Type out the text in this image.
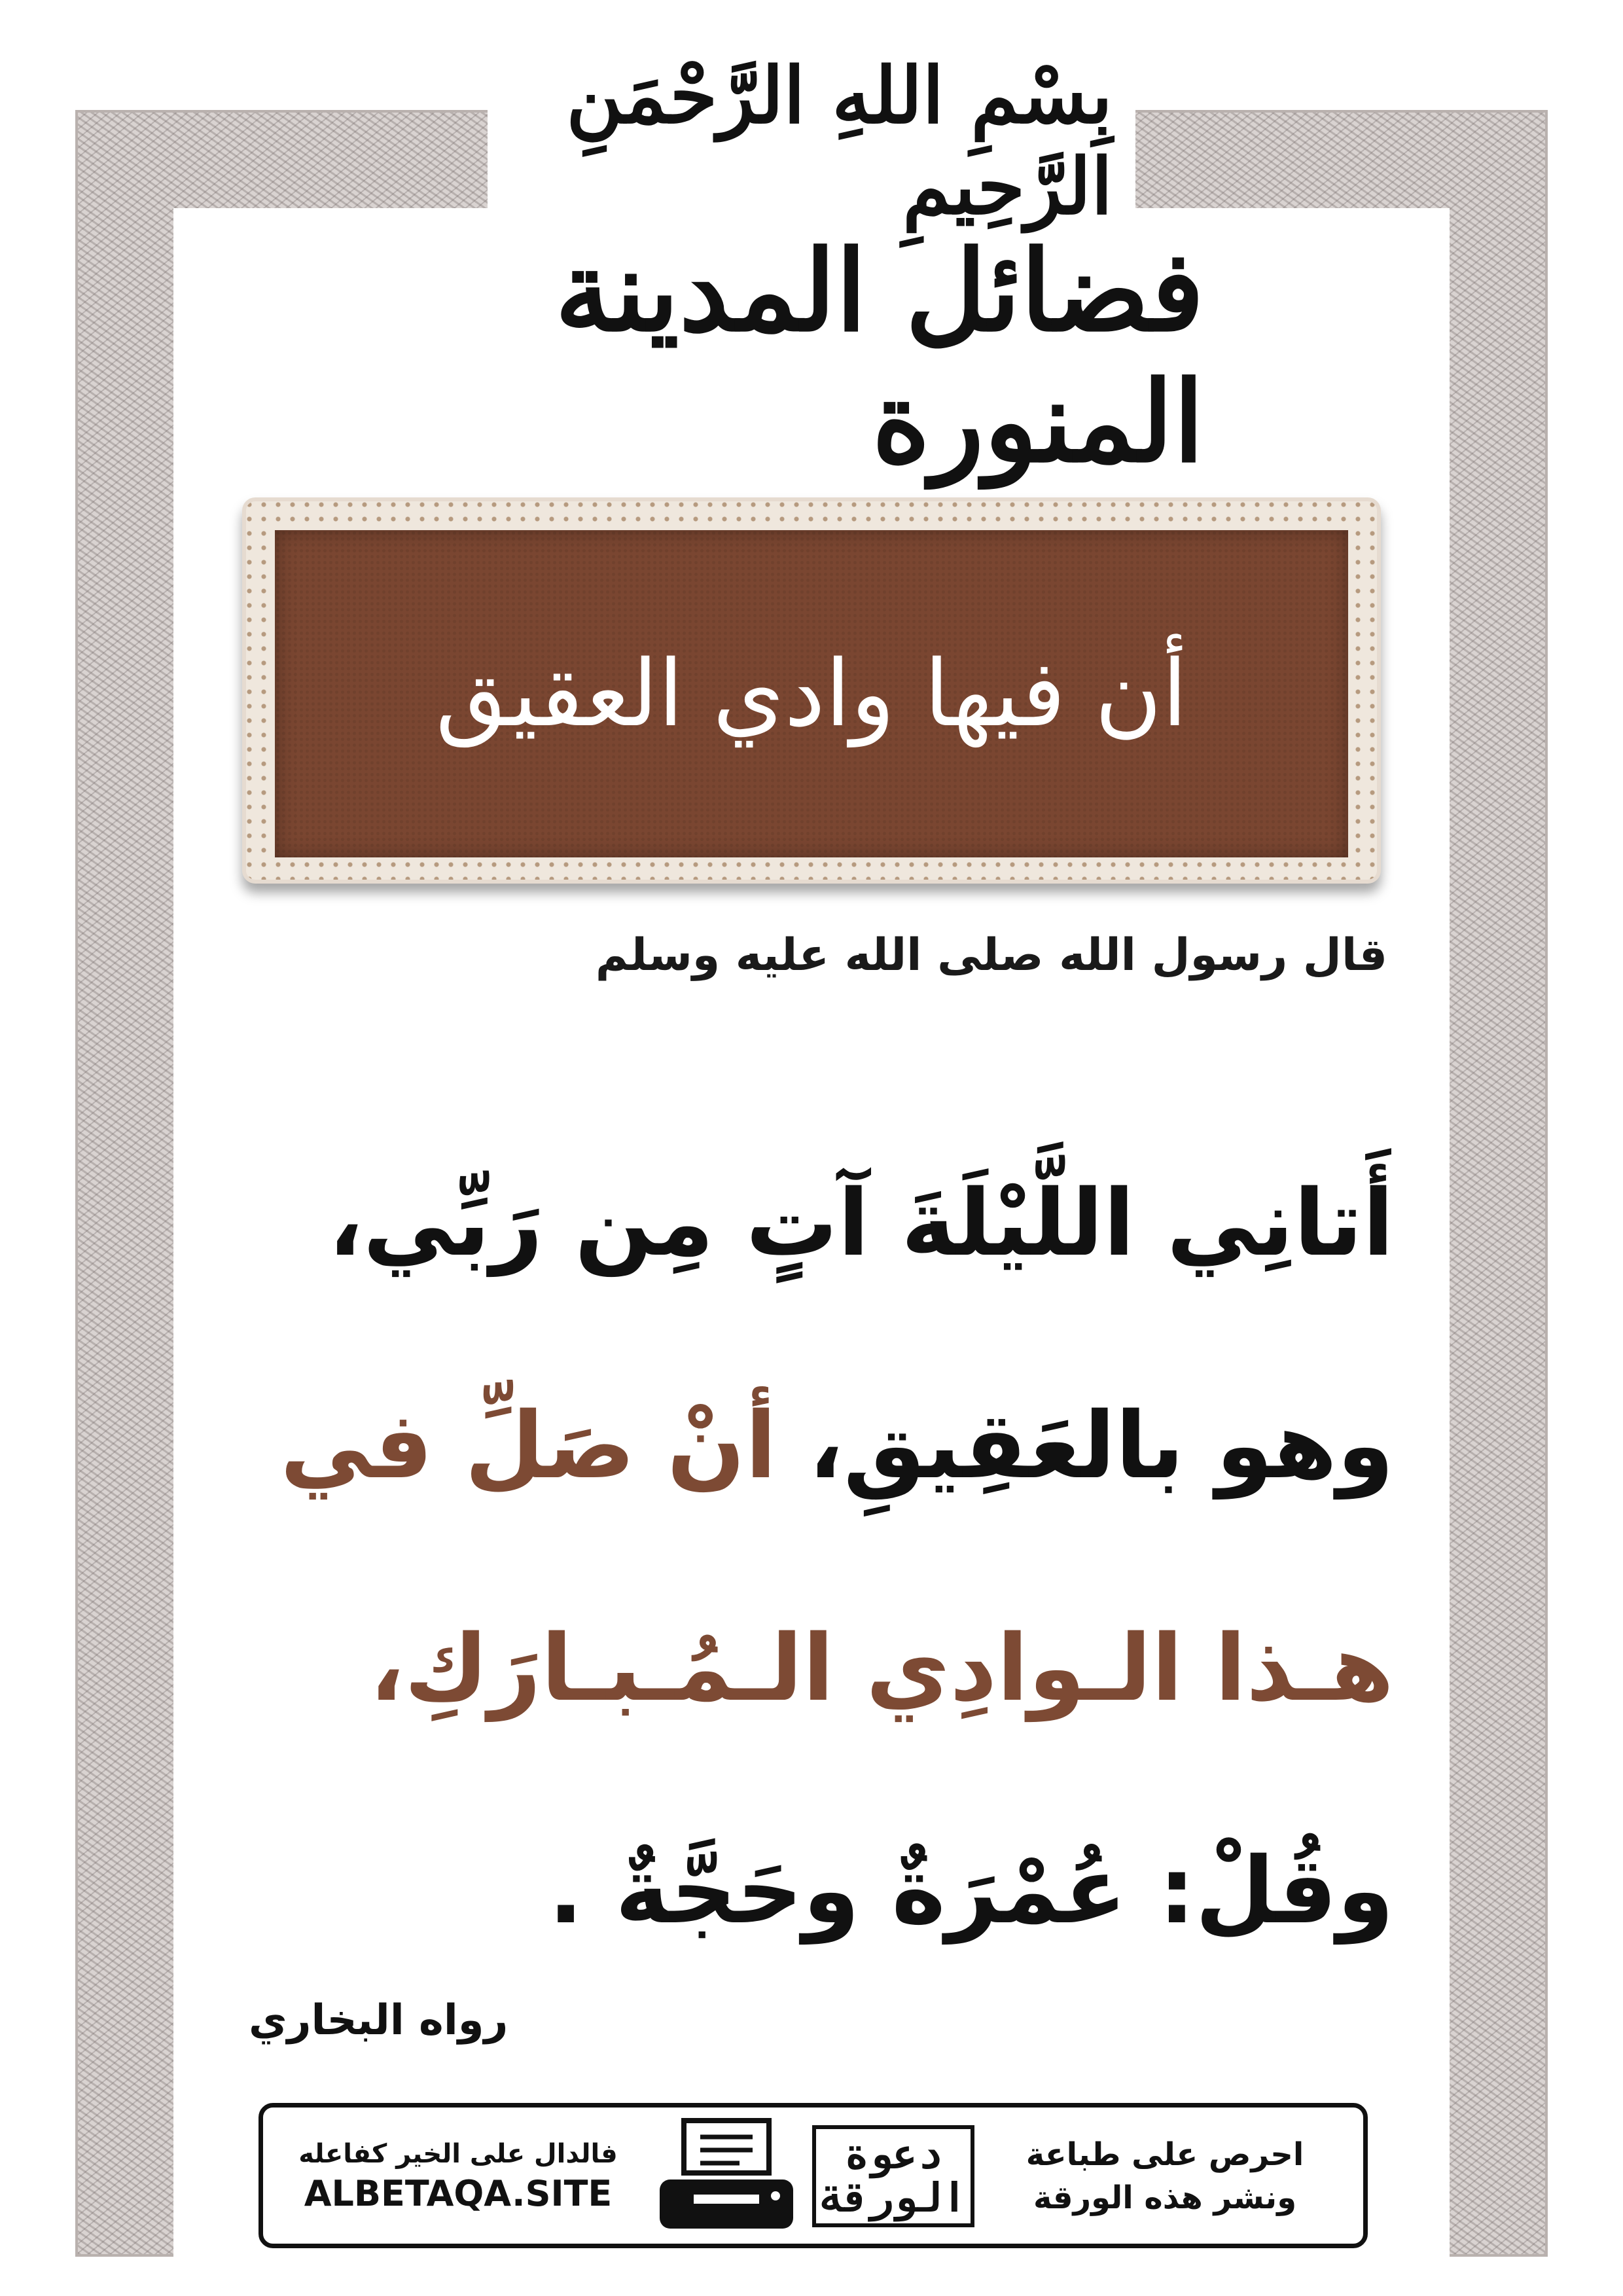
بِسْمِ اللهِ الرَّحْمَنِ الرَّحِيمِ
فضائل المدينة المنورة
أن فيها وادي العقيق
قال رسول الله صلى الله عليه وسلم
أَتانِي اللَّيْلَةَ آتٍ مِن رَبِّي،
وهو بالعَقِيقِ، أنْ صَلِّ في
هـذا الـوادِي الـمُـبـارَكِ،
وقُلْ: عُمْرَةٌ وحَجَّةٌ .
رواه البخاري
فالدال على الخير كفاعله
ALBETAQA.SITE
دعوة
الورقة
احرص على طباعة
ونشر هذه الورقة
